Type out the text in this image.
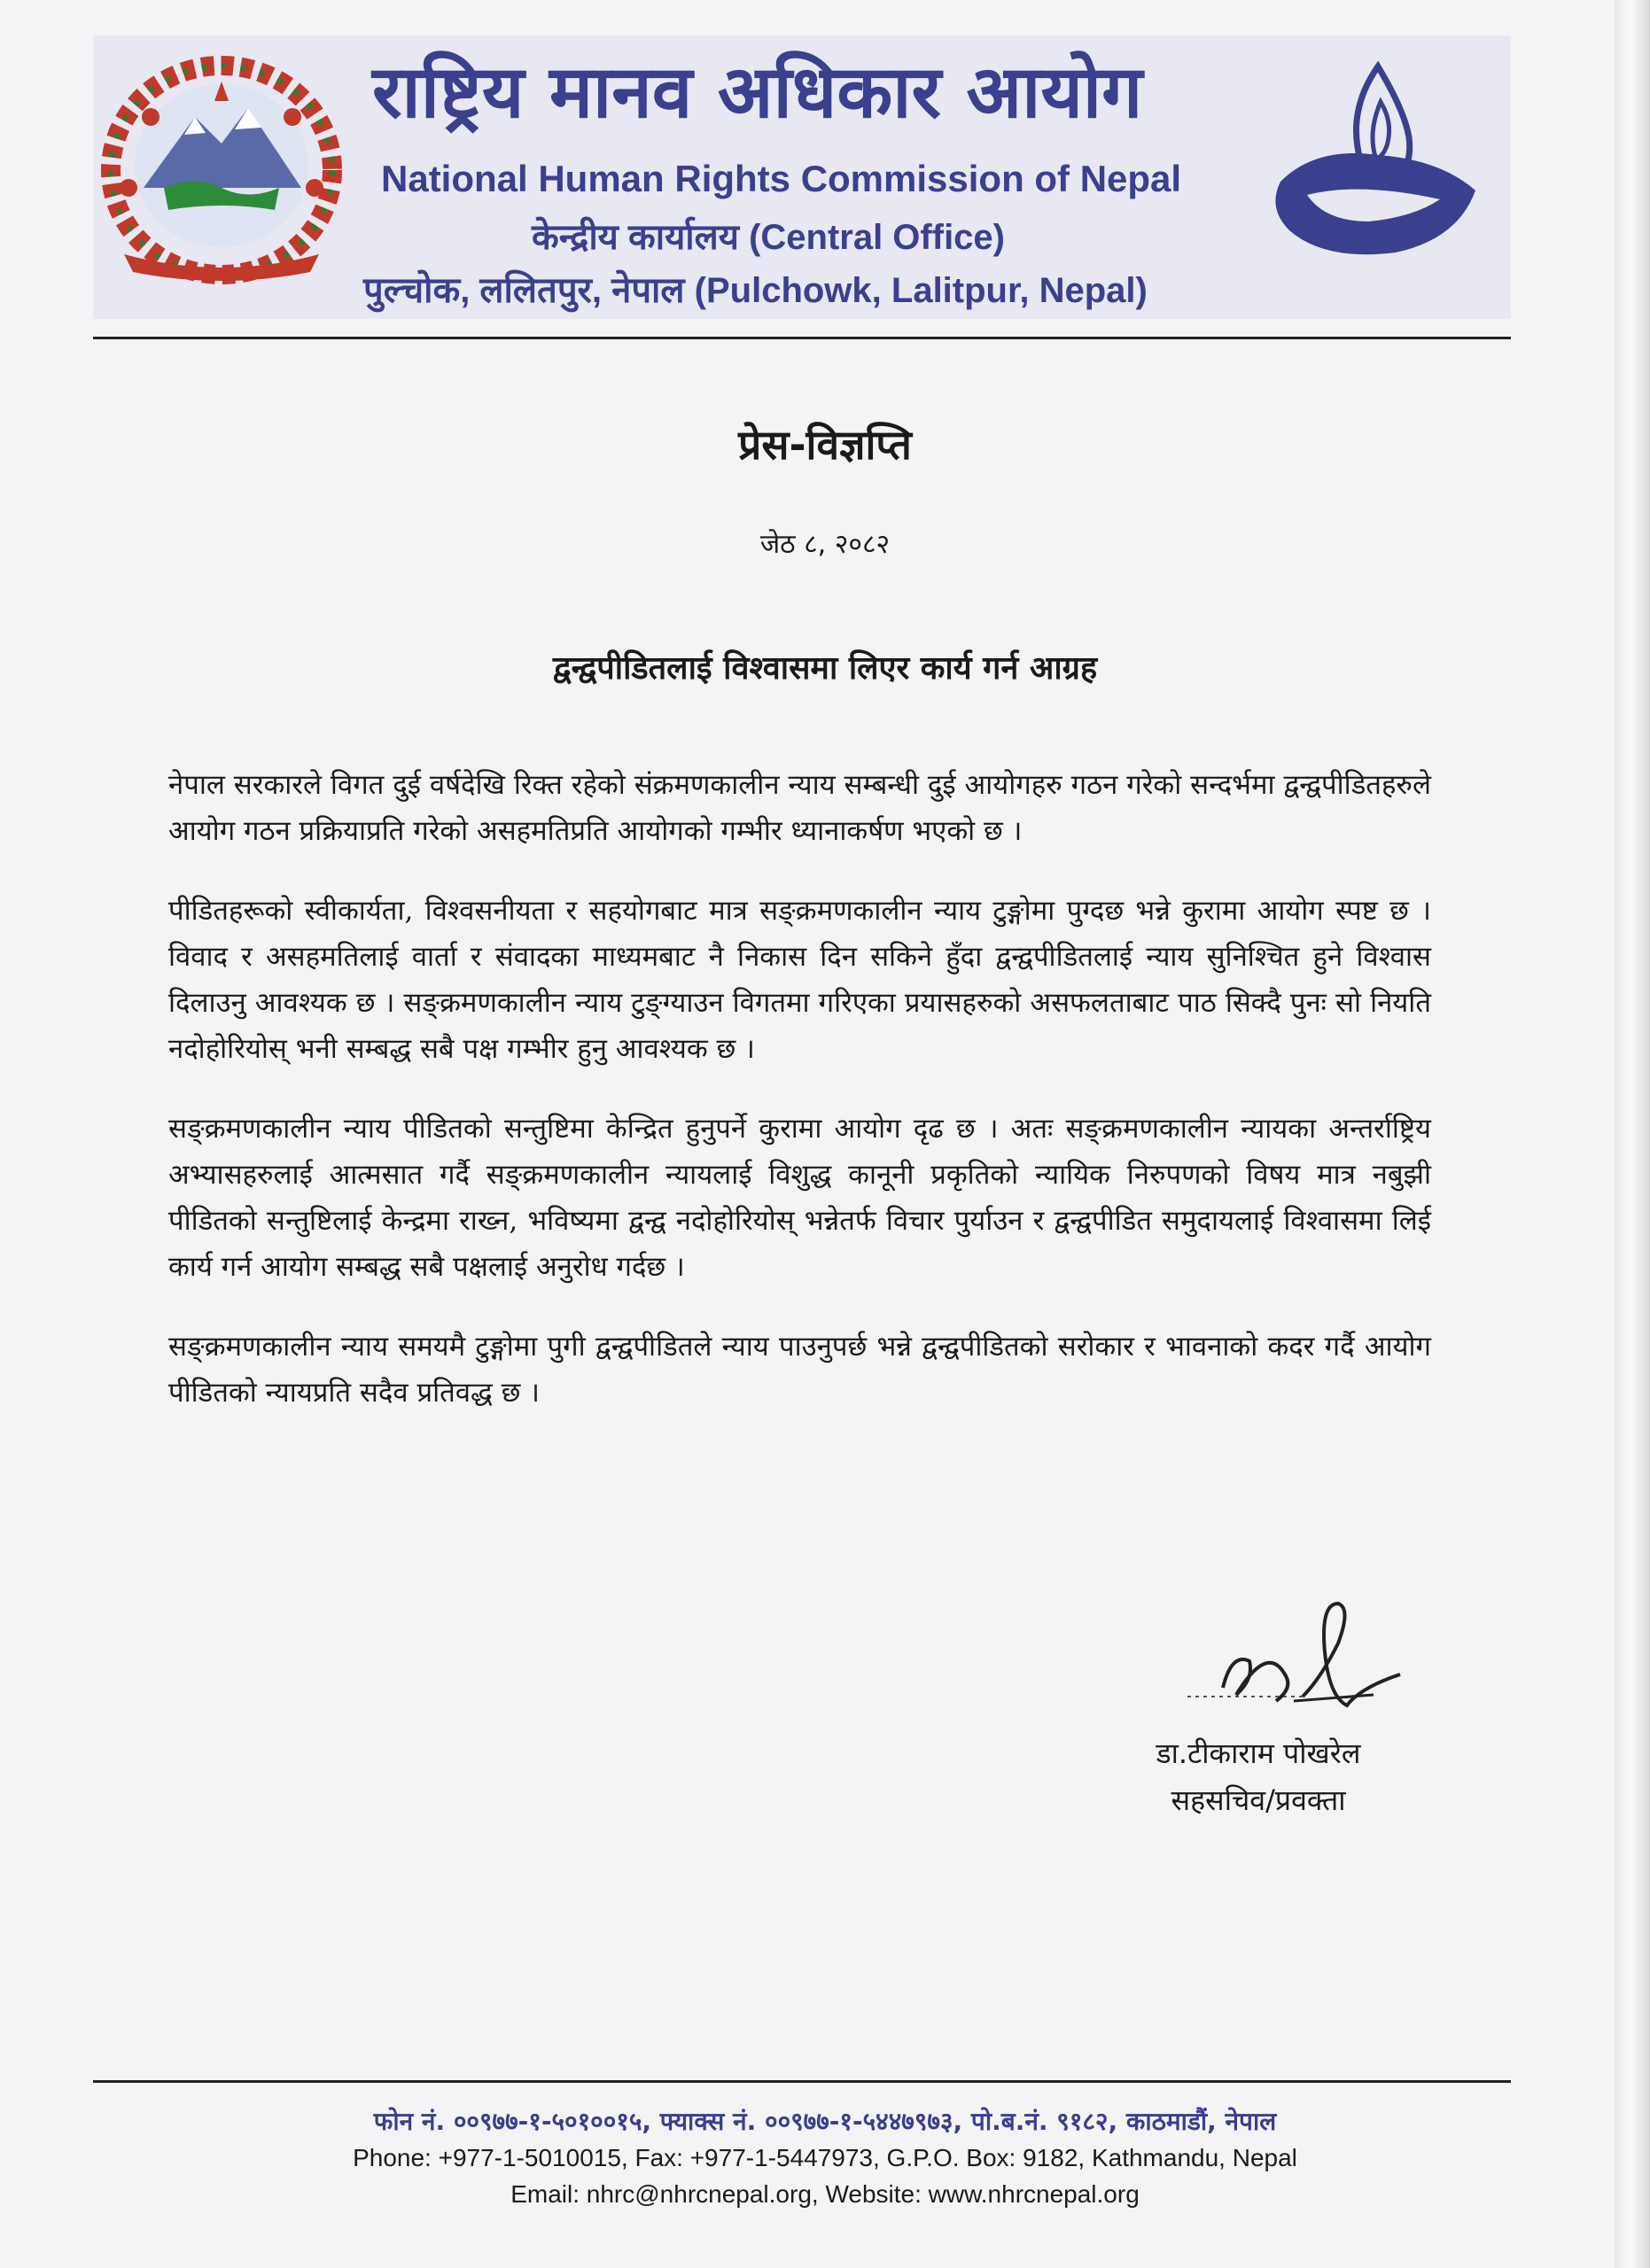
राष्ट्रिय मानव अधिकार आयोग
National Human Rights Commission of Nepal
केन्द्रीय कार्यालय (Central Office)
पुल्चोक, ललितपुर, नेपाल (Pulchowk, Lalitpur, Nepal)
प्रेस-विज्ञप्ति
जेठ ८, २०८२
द्वन्द्वपीडितलाई विश्वासमा लिएर कार्य गर्न आग्रह

नेपाल सरकारले विगत दुई वर्षदेखि रिक्त रहेको संक्रमणकालीन न्याय सम्बन्धी दुई आयोगहरु गठन गरेको सन्दर्भमा द्वन्द्वपीडितहरुले आयोग गठन प्रक्रियाप्रति गरेको असहमतिप्रति आयोगको गम्भीर ध्यानाकर्षण भएको छ ।

पीडितहरूको स्वीकार्यता, विश्वसनीयता र सहयोगबाट मात्र सङ्क्रमणकालीन न्याय टुङ्गोमा पुग्दछ भन्ने कुरामा आयोग स्पष्ट छ । विवाद र असहमतिलाई वार्ता र संवादका माध्यमबाट नै निकास दिन सकिने हुँदा द्वन्द्वपीडितलाई न्याय सुनिश्चित हुने विश्वास दिलाउनु आवश्यक छ । सङ्क्रमणकालीन न्याय टुङ्ग्याउन विगतमा गरिएका प्रयासहरुको असफलताबाट पाठ सिक्दै पुनः सो नियति नदोहोरियोस् भनी सम्बद्ध सबै पक्ष गम्भीर हुनु आवश्यक छ ।

सङ्क्रमणकालीन न्याय पीडितको सन्तुष्टिमा केन्द्रित हुनुपर्ने कुरामा आयोग दृढ छ । अतः सङ्क्रमणकालीन न्यायका अन्तर्राष्ट्रिय अभ्यासहरुलाई आत्मसात गर्दै सङ्क्रमणकालीन न्यायलाई विशुद्ध कानूनी प्रकृतिको न्यायिक निरुपणको विषय मात्र नबुझी पीडितको सन्तुष्टिलाई केन्द्रमा राख्न, भविष्यमा द्वन्द्व नदोहोरियोस् भन्नेतर्फ विचार पुर्याउन र द्वन्द्वपीडित समुदायलाई विश्वासमा लिई कार्य गर्न आयोग सम्बद्ध सबै पक्षलाई अनुरोध गर्दछ ।

सङ्क्रमणकालीन न्याय समयमै टुङ्गोमा पुगी द्वन्द्वपीडितले न्याय पाउनुपर्छ भन्ने द्वन्द्वपीडितको सरोकार र भावनाको कदर गर्दै आयोग पीडितको न्यायप्रति सदैव प्रतिवद्ध छ ।

डा.टीकाराम पोखरेल
सहसचिव/प्रवक्ता
फोन नं. ००९७७-१-५०१००१५, फ्याक्स नं. ००९७७-१-५४४७९७३, पो.ब.नं. ९१८२, काठमाडौं, नेपाल
Phone: +977-1-5010015, Fax: +977-1-5447973, G.P.O. Box: 9182, Kathmandu, Nepal
Email: nhrc@nhrcnepal.org, Website: www.nhrcnepal.org
